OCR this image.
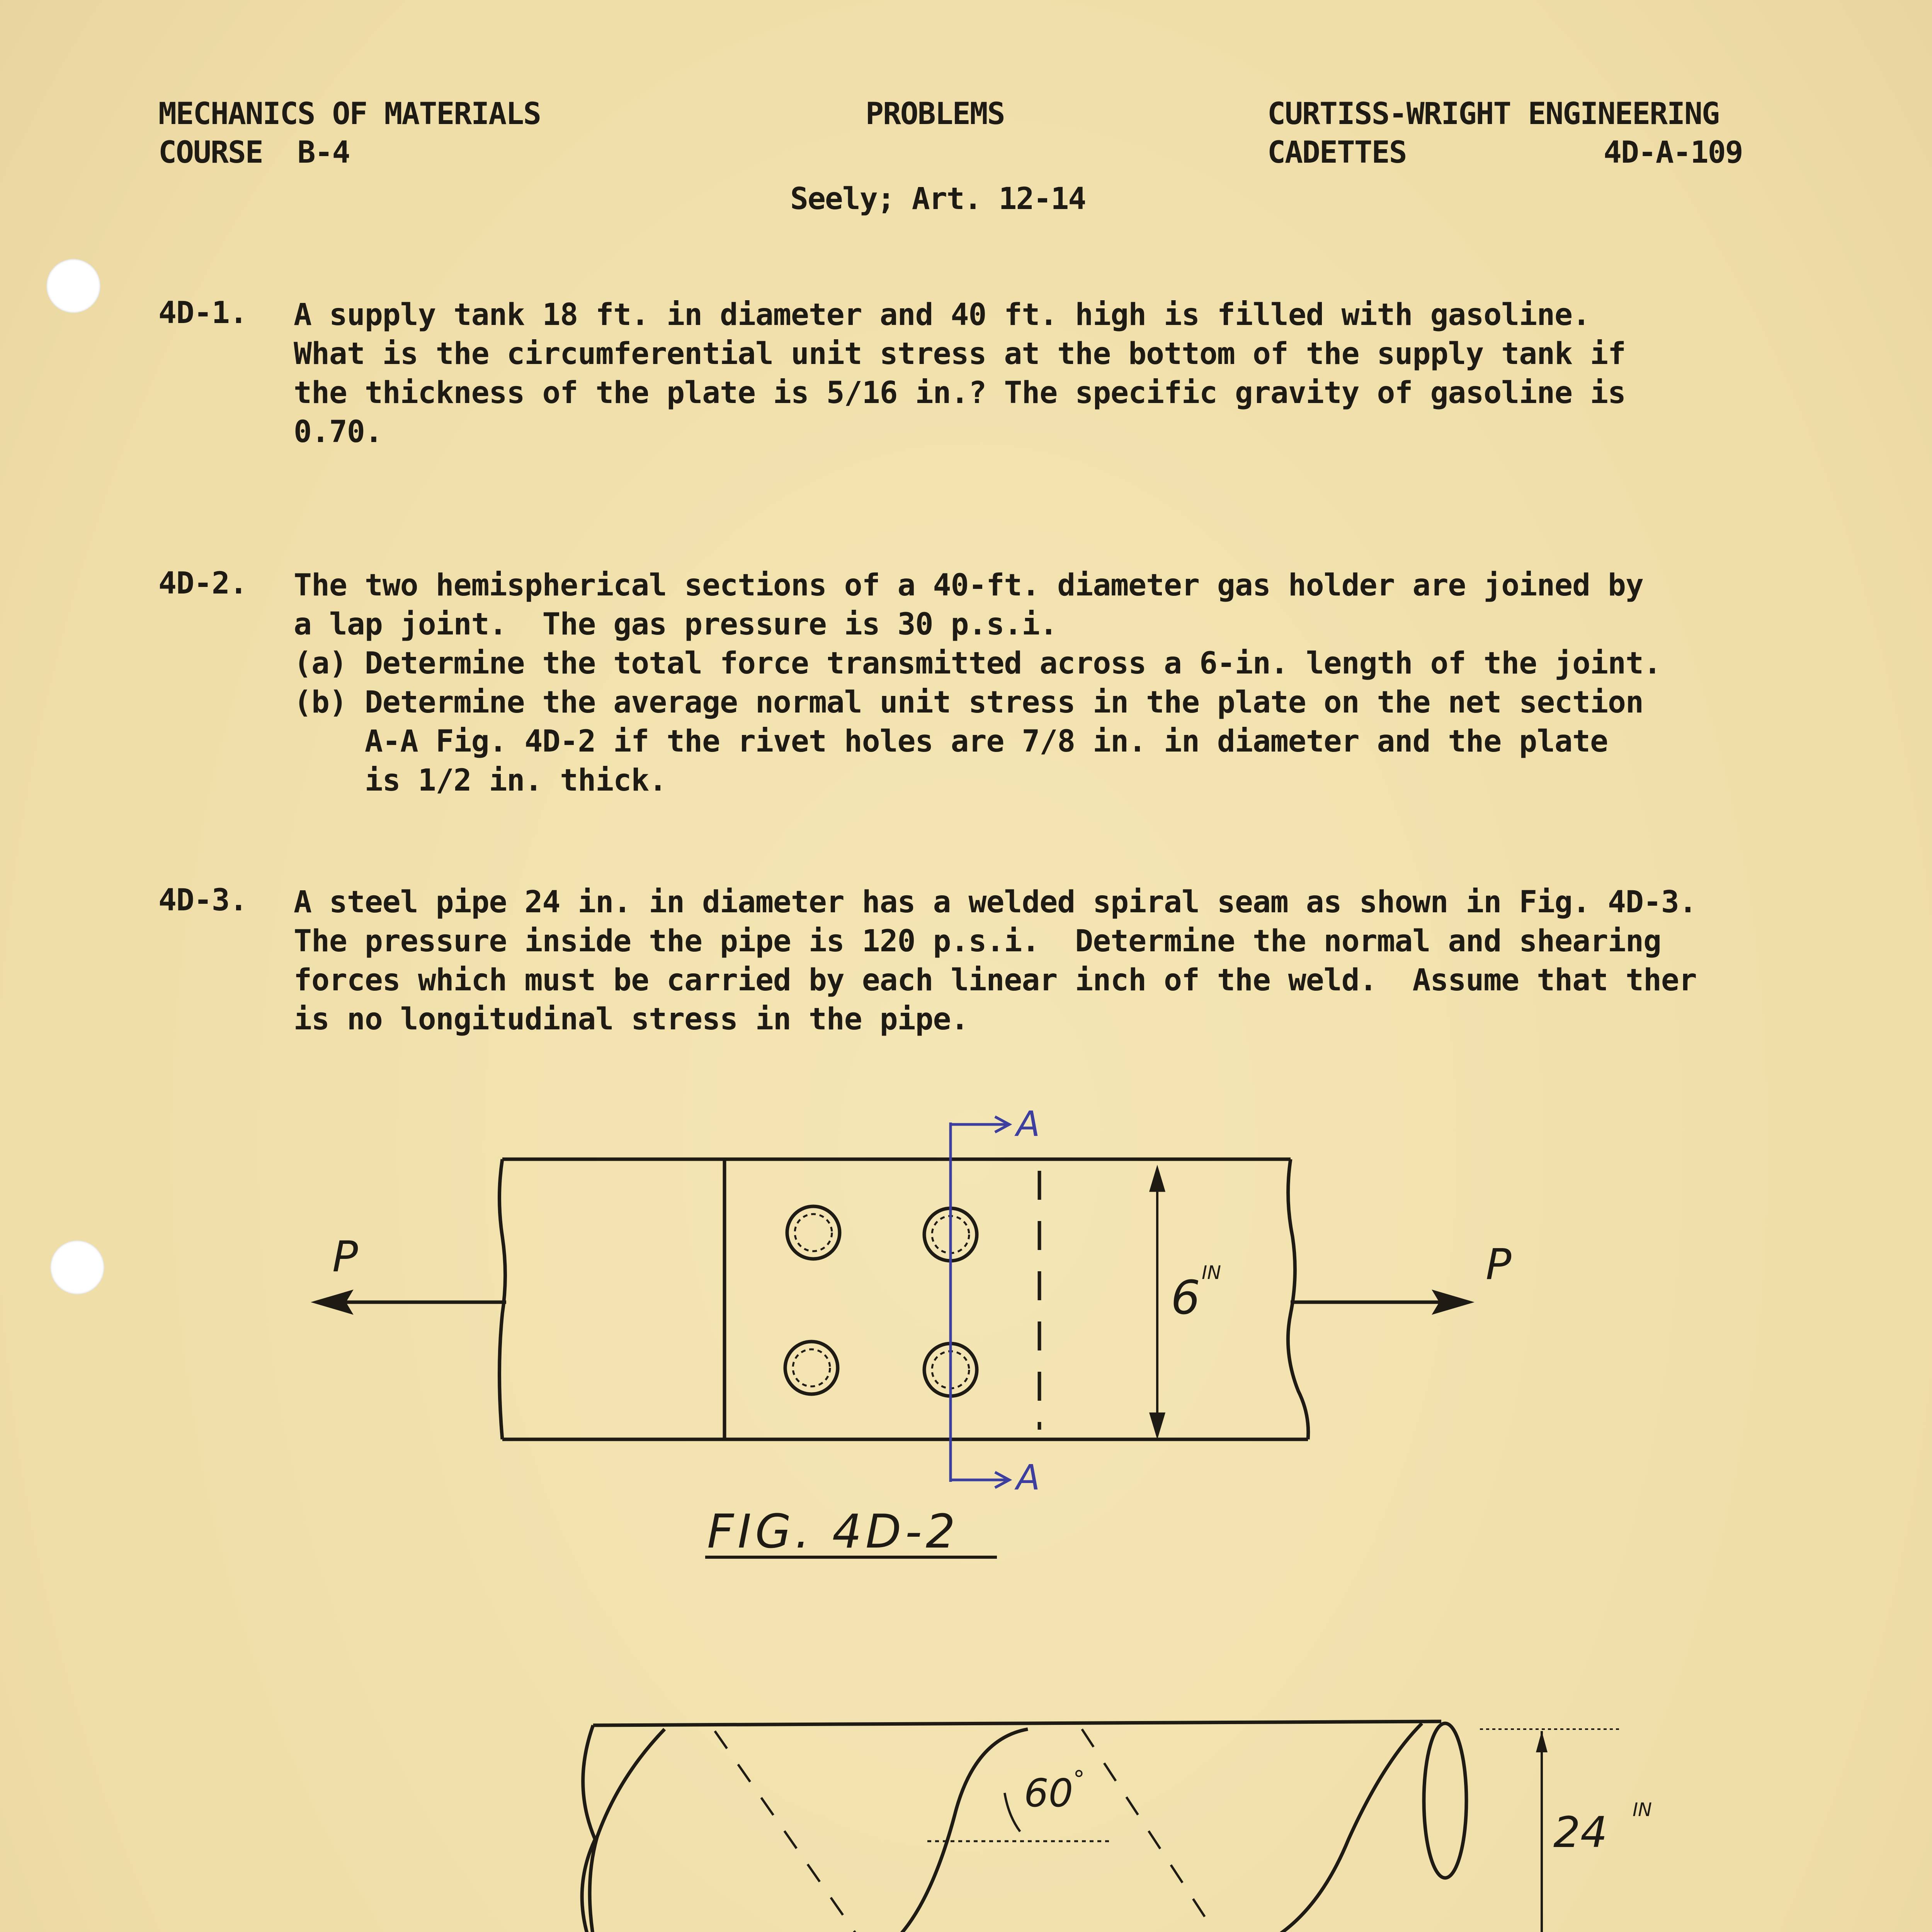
MECHANICS OF MATERIALS
COURSE  B-4
PROBLEMS	CURTISS-WRIGHT ENGINEERING
CADETTES	4D-A-109
Seely; Art. 12-14
4D-1. A supply tank 18 ft. in diameter and 40 ft. high is filled with gasoline.
What is the circumferential unit stress at the bottom of the supply tank if
the thickness of the plate is 5/16 in.? The specific gravity of gasoline is
0.70.
4D-2. The two hemispherical sections of a 40-ft. diameter gas holder are joined by
a lap joint.  The gas pressure is 30 p.s.i.
(a) Determine the total force transmitted across a 6-in. length of the joint.
(b) Determine the average normal unit stress in the plate on the net section
A-A Fig. 4D-2 if the rivet holes are 7/8 in. in diameter and the plate
is 1/2 in. thick.
4D-3. A steel pipe 24 in. in diameter has a welded spiral seam as shown in Fig. 4D-3.
The pressure inside the pipe is 120 p.s.i.  Determine the normal and shearing
forces which must be carried by each linear inch of the weld.  Assume that ther
is no longitudinal stress in the pipe.
A
A
P	P
6 IN
FIG. 4D-2
60°
24 IN
